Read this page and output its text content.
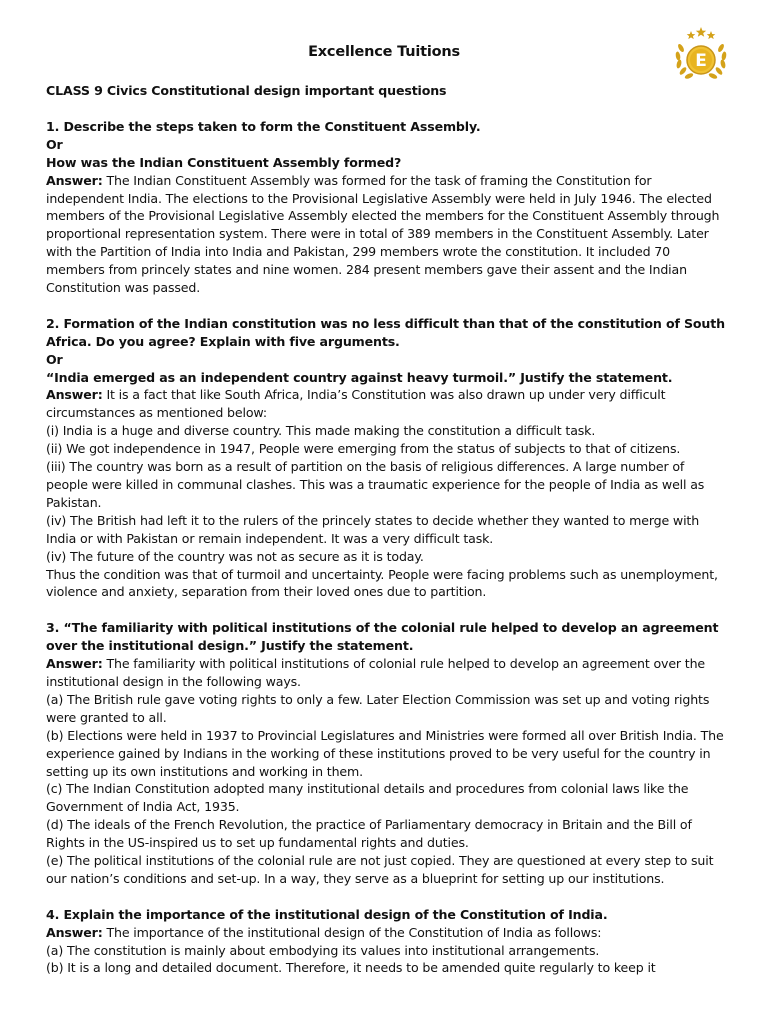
Excellence Tuitions	E

CLASS 9 Civics Constitutional design important questions

1. Describe the steps taken to form the Constituent Assembly.

Or

How was the Indian Constituent Assembly formed?

Answer: The Indian Constituent Assembly was formed for the task of framing the Constitution for independent India. The elections to the Provisional Legislative Assembly were held in July 1946. The elected members of the Provisional Legislative Assembly elected the members for the Constituent Assembly through proportional representation system. There were in total of 389 members in the Constituent Assembly. Later with the Partition of India into India and Pakistan, 299 members wrote the constitution. It included 70 members from princely states and nine women. 284 present members gave their assent and the Indian Constitution was passed.

2. Formation of the Indian constitution was no less difficult than that of the constitution of South Africa. Do you agree? Explain with five arguments.

Or

“India emerged as an independent country against heavy turmoil.” Justify the statement.

Answer: It is a fact that like South Africa, India’s Constitution was also drawn up under very difficult circumstances as mentioned below:

(i) India is a huge and diverse country. This made making the constitution a difficult task.

(ii) We got independence in 1947, People were emerging from the status of subjects to that of citizens.

(iii) The country was born as a result of partition on the basis of religious differences. A large number of people were killed in communal clashes. This was a traumatic experience for the people of India as well as Pakistan.

(iv) The British had left it to the rulers of the princely states to decide whether they wanted to merge with India or with Pakistan or remain independent. It was a very difficult task.

(iv) The future of the country was not as secure as it is today.

Thus the condition was that of turmoil and uncertainty. People were facing problems such as unemployment, violence and anxiety, separation from their loved ones due to partition.

3. “The familiarity with political institutions of the colonial rule helped to develop an agreement over the institutional design.” Justify the statement.

Answer: The familiarity with political institutions of colonial rule helped to develop an agreement over the institutional design in the following ways.

(a) The British rule gave voting rights to only a few. Later Election Commission was set up and voting rights were granted to all.

(b) Elections were held in 1937 to Provincial Legislatures and Ministries were formed all over British India. The experience gained by Indians in the working of these institutions proved to be very useful for the country in setting up its own institutions and working in them.

(c) The Indian Constitution adopted many institutional details and procedures from colonial laws like the Government of India Act, 1935.

(d) The ideals of the French Revolution, the practice of Parliamentary democracy in Britain and the Bill of Rights in the US-inspired us to set up fundamental rights and duties.

(e) The political institutions of the colonial rule are not just copied. They are questioned at every step to suit our nation’s conditions and set-up. In a way, they serve as a blueprint for setting up our institutions.

4. Explain the importance of the institutional design of the Constitution of India.

Answer: The importance of the institutional design of the Constitution of India as follows:

(a) The constitution is mainly about embodying its values into institutional arrangements.

(b) It is a long and detailed document. Therefore, it needs to be amended quite regularly to keep it
